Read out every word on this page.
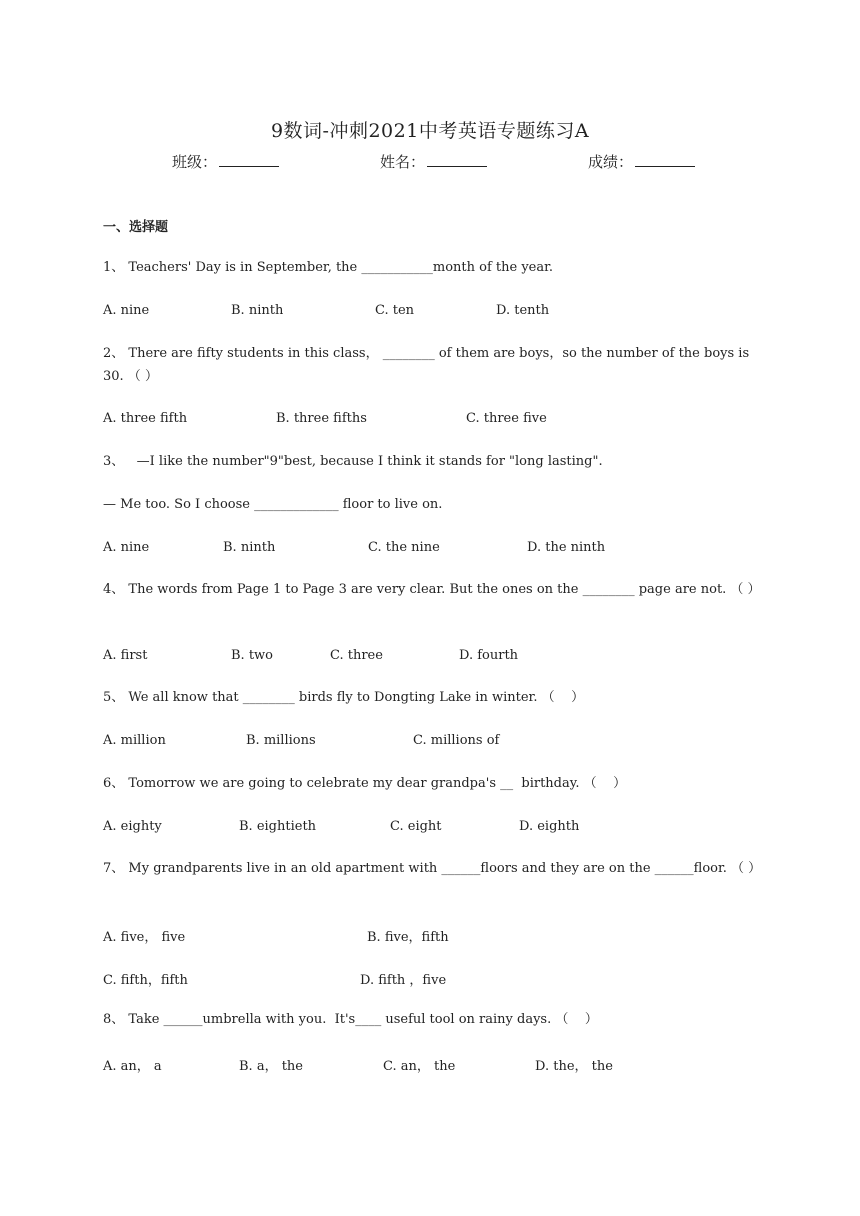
9数词-冲刺2021中考英语专题练习A
班级：	姓名：	成绩：
一、选择题
1、 Teachers' Day is in September, the ___________month of the year.
A. nine	B. ninth	C. ten	D. tenth
2、 There are fifty students in this class， ________ of them are boys，so the number of the boys is 30. （ ）
A. three fifth	B. three fifths	C. three five
3、   —I like the number"9"best, because I think it stands for "long lasting".
— Me too. So I choose _____________ floor to live on.
A. nine	B. ninth	C. the nine	D. the ninth
4、 The words from Page 1 to Page 3 are very clear. But the ones on the ________ page are not. （ ）
A. first	B. two	C. three	D. fourth
5、 We all know that ________ birds fly to Dongting Lake in winter. （    ）
A. million	B. millions	C. millions of
6、 Tomorrow we are going to celebrate my dear grandpa's __  birthday. （    ）
A. eighty	B. eightieth	C. eight	D. eighth
7、 My grandparents live in an old apartment with ______floors and they are on the ______floor. （ ）
A. five， five	B. five，fifth
C. fifth，fifth	D. fifth ，five
8、 Take ______umbrella with you.  It's____ useful tool on rainy days. （    ）
A. an， a	B. a， the	C. an， the	D. the， the
